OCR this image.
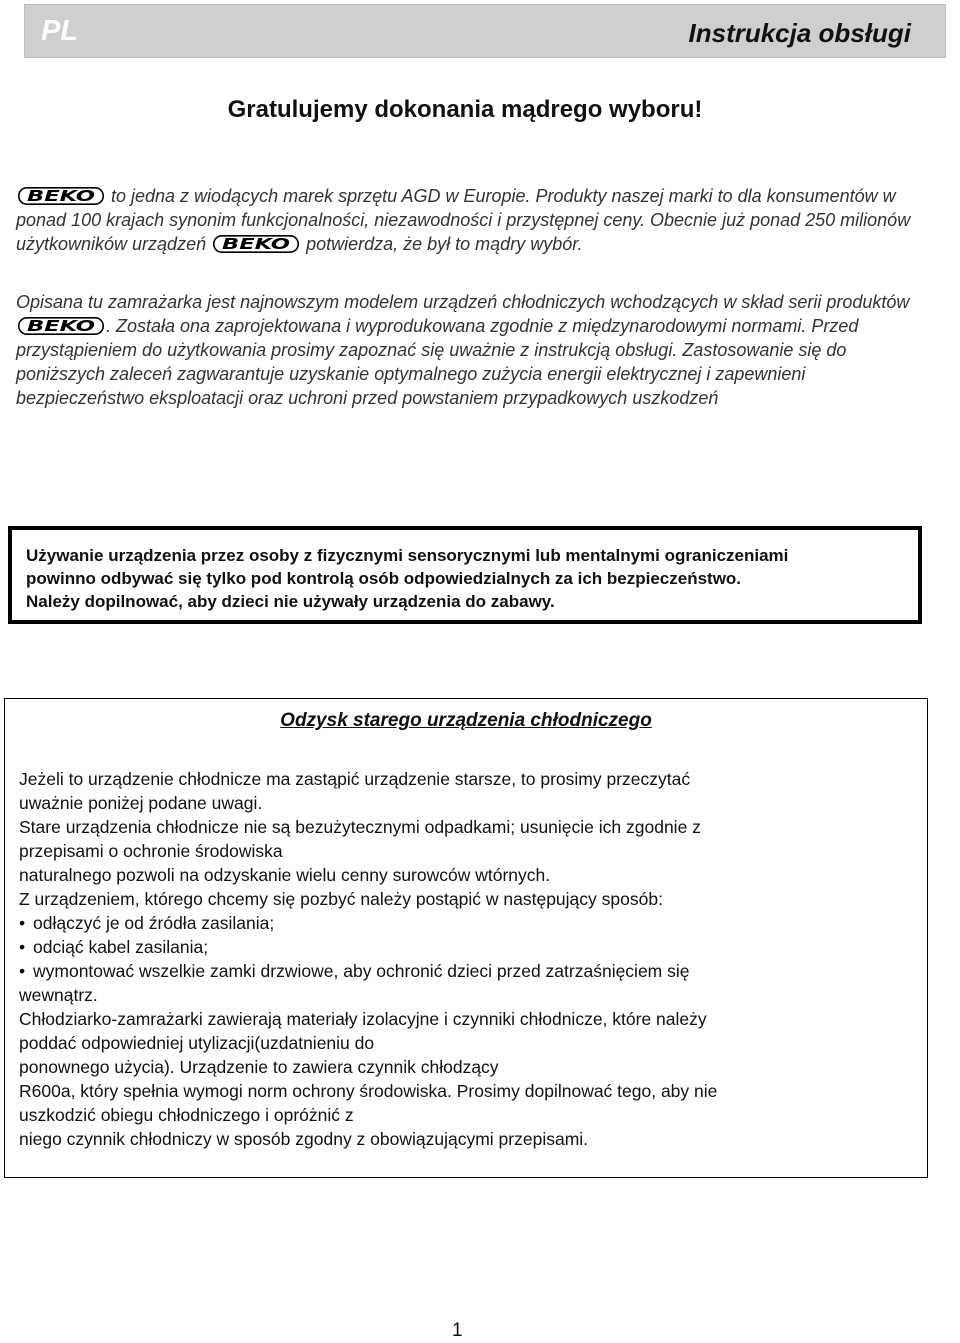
PL	Instrukcja obsługi
Gratulujemy dokonania mądrego wyboru!

BEKO to jedna z wiodących marek sprzętu AGD w Europie. Produkty naszej marki to dla konsumentów w ponad 100 krajach synonim funkcjonalności, niezawodności i przystępnej ceny. Obecnie już ponad 250 milionów użytkowników urządzeń BEKO potwierdza, że był to mądry wybór.

Opisana tu zamrażarka jest najnowszym modelem urządzeń chłodniczych wchodzących w skład serii produktów
BEKO . Została ona zaprojektowana i wyprodukowana zgodnie z międzynarodowymi normami. Przed przystąpieniem do użytkowania prosimy zapoznać się uważnie z instrukcją obsługi. Zastosowanie się do poniższych zaleceń zagwarantuje uzyskanie optymalnego zużycia energii elektrycznej i zapewnieni bezpieczeństwo eksploatacji oraz uchroni przed powstaniem przypadkowych uszkodzeń

Używanie urządzenia przez osoby z fizycznymi sensorycznymi lub mentalnymi ograniczeniami
powinno odbywać się tylko pod kontrolą osób odpowiedzialnych za ich bezpieczeństwo.
Należy dopilnować, aby dzieci nie używały urządzenia do zabawy.
Odzysk starego urządzenia chłodniczego

Jeżeli to urządzenie chłodnicze ma zastąpić urządzenie starsze, to prosimy przeczytać

uważnie poniżej podane uwagi.

Stare urządzenia chłodnicze nie są bezużytecznymi odpadkami; usunięcie ich zgodnie z

przepisami o ochronie środowiska

naturalnego pozwoli na odzyskanie wielu cenny surowców wtórnych.

Z urządzeniem, którego chcemy się pozbyć należy postąpić w następujący sposób:

• odłączyć je od źródła zasilania;

• odciąć kabel zasilania;

• wymontować wszelkie zamki drzwiowe, aby ochronić dzieci przed zatrzaśnięciem się

wewnątrz.

Chłodziarko-zamrażarki zawierają materiały izolacyjne i czynniki chłodnicze, które należy

poddać odpowiedniej utylizacji(uzdatnieniu do

ponownego użycia). Urządzenie to zawiera czynnik chłodzący

R600a, który spełnia wymogi norm ochrony środowiska. Prosimy dopilnować tego, aby nie

uszkodzić obiegu chłodniczego i opróżnić z

niego czynnik chłodniczy w sposób zgodny z obowiązującymi przepisami.

1
